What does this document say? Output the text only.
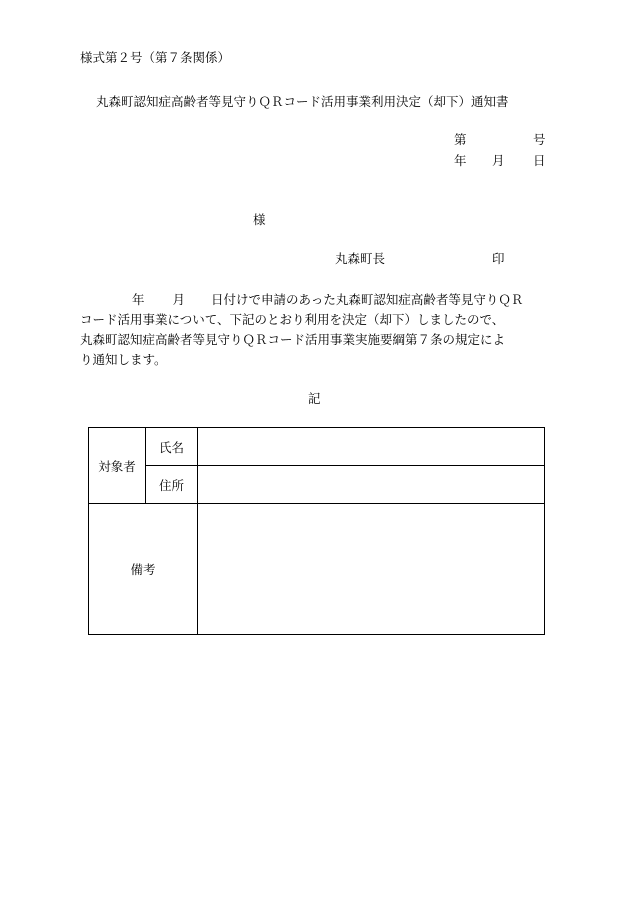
様式第２号（第７条関係）
丸森町認知症高齢者等見守りＱＲコード活用事業利用決定（却下）通知書
第	号
年 月 日
様
丸森町長	印
年 月 日付けで申請のあった丸森町認知症高齢者等見守りＱＲ
コード活用事業について、下記のとおり利用を決定（却下）しましたので、
丸森町認知症高齢者等見守りＱＲコード活用事業実施要綱第７条の規定によ
り通知します。
記
対象者	氏名	
	住所	
備考		
